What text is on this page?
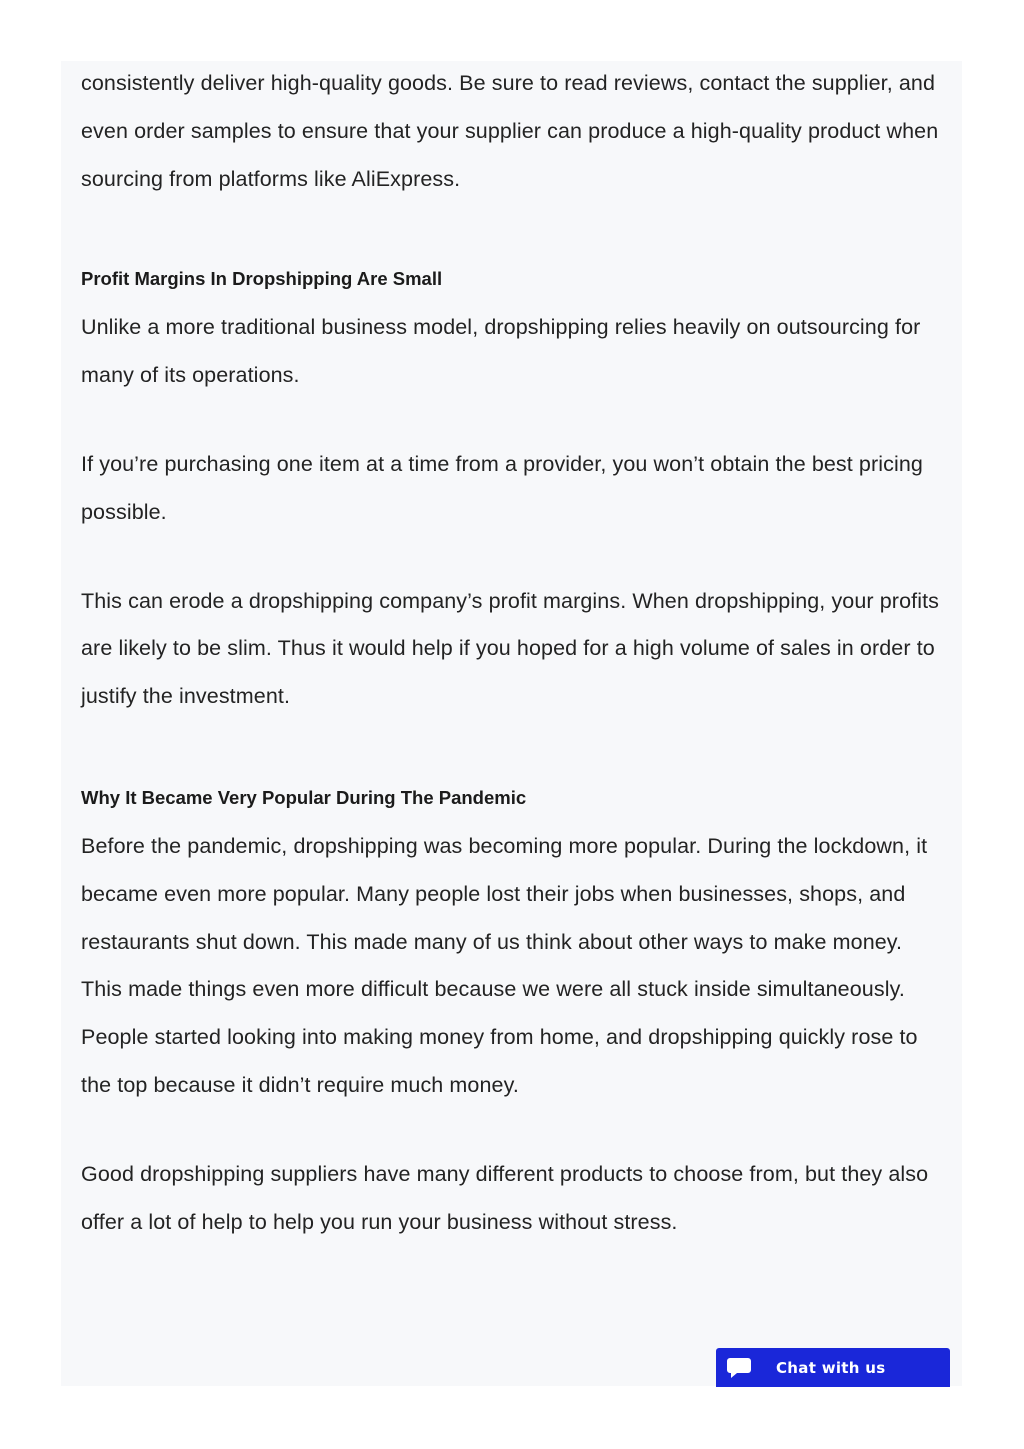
consistently deliver high-quality goods. Be sure to read reviews, contact the supplier, and even order samples to ensure that your supplier can produce a high-quality product when sourcing from platforms like AliExpress.

Profit Margins In Dropshipping Are Small

Unlike a more traditional business model, dropshipping relies heavily on outsourcing for many of its operations.

If you’re purchasing one item at a time from a provider, you won’t obtain the best pricing possible.

This can erode a dropshipping company’s profit margins. When dropshipping, your profits are likely to be slim. Thus it would help if you hoped for a high volume of sales in order to justify the investment.

Why It Became Very Popular During The Pandemic

Before the pandemic, dropshipping was becoming more popular. During the lockdown, it became even more popular. Many people lost their jobs when businesses, shops, and restaurants shut down. This made many of us think about other ways to make money. This made things even more difficult because we were all stuck inside simultaneously. People started looking into making money from home, and dropshipping quickly rose to the top because it didn’t require much money.

Good dropshipping suppliers have many different products to choose from, but they also offer a lot of help to help you run your business without stress.

Chat with us
